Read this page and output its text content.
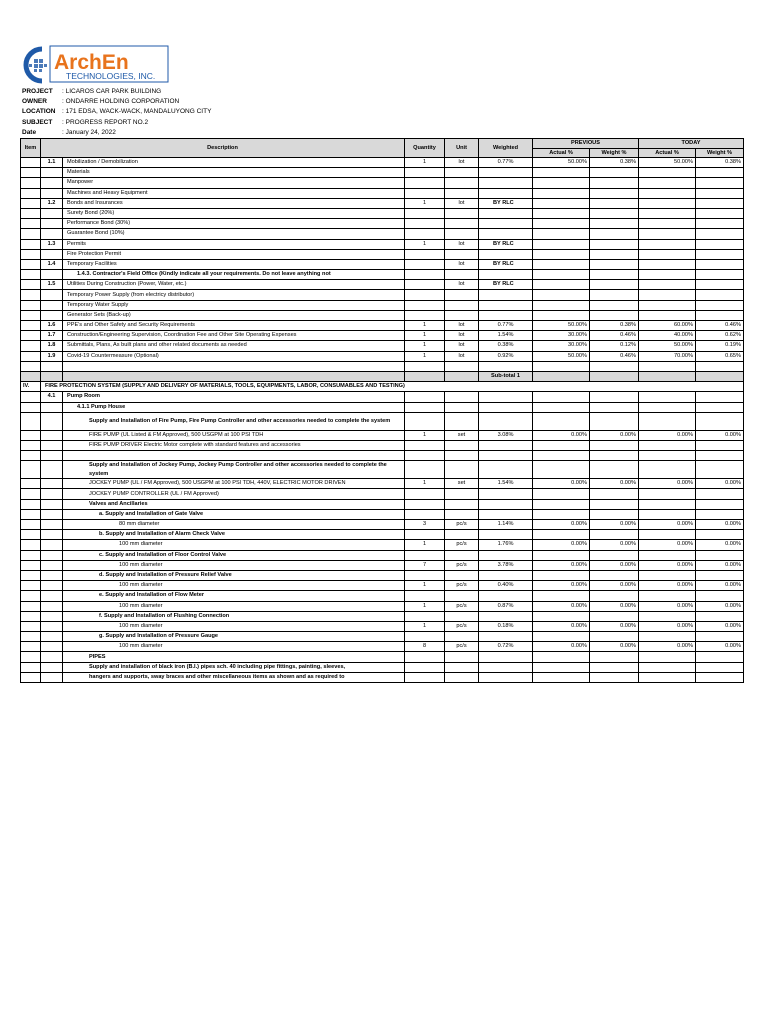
ArchEn
TECHNOLOGIES, INC.
PROJECT	: LICAROS CAR PARK BUILDING
OWNER	: ONDARRE HOLDING CORPORATION
LOCATION	: 171 EDSA, WACK-WACK, MANDALUYONG CITY
SUBJECT	: PROGRESS REPORT NO.2
Date	: January 24, 2022
Item	Description		Quantity	Unit	Weighted	PREVIOUS		TODAY	
						Actual %	Weight %	Actual %	Weight %
	1.1	Mobilization / Demobilization	1	lot	0.77%	50.00%	0.38%	50.00%	0.38%
		Materials							
		Manpower							
		Machines and Heavy Equipment							
	1.2	Bonds and Insurances	1	lot	BY RLC				
		Surety Bond (20%)							
		Performance Bond (30%)							
		Guarantee Bond (10%)							
	1.3	Permits	1	lot	BY RLC				
		Fire Protection Permit							
	1.4	Temporary Facilities		lot	BY RLC				
		1.4.3. Contractor's Field Office (Kindly indicate all your requirements. Do not leave anything not							
	1.5	Utilities During Construction (Power, Water, etc.)		lot	BY RLC				
		Temporary Power Supply (from electricy distributor)							
		Temporary Water Supply							
		Generator Sets (Back-up)							
	1.6	PPE's and Other Safety and Security Requirements	1	lot	0.77%	50.00%	0.38%	60.00%	0.46%
	1.7	Construction/Engineering Supervision, Coordination Fee and Other Site Operating Expenses	1	lot	1.54%	30.00%	0.46%	40.00%	0.62%
	1.8	Submittals, Plans, As built plans and other related documents as needed	1	lot	0.38%	30.00%	0.12%	50.00%	0.19%
	1.9	Covid-19 Countermeasure (Optional)	1	lot	0.92%	50.00%	0.46%	70.00%	0.65%

					Sub-total 1				
IV.	FIRE PROTECTION SYSTEM (SUPPLY AND DELIVERY OF MATERIALS, TOOLS, EQUIPMENTS, LABOR, CONSUMABLES AND TESTING)								
	4.1	Pump Room							
		4.1.1 Pump House							
		Supply and Installation of Fire Pump, Fire Pump Controller and other accessories needed to complete the system							
		FIRE PUMP (UL Listed & FM Approved), 500 USGPM at 100 PSI TDH	1	set	3.08%	0.00%	0.00%	0.00%	0.00%
		FIRE PUMP DRIVER Electric Motor complete with standard features and accessories							

		Supply and Installation of Jockey Pump, Jockey Pump Controller and other accessories needed to complete the system							
		JOCKEY PUMP (UL / FM Approved), 500 USGPM at 100 PSI TDH, 440V, ELECTRIC MOTOR DRIVEN	1	set	1.54%	0.00%	0.00%	0.00%	0.00%
		JOCKEY PUMP CONTROLLER (UL / FM Approved)							
		Valves and Ancillaries							
		a. Supply and Installation of Gate Valve							
		80 mm diameter	3	pc/s	1.14%	0.00%	0.00%	0.00%	0.00%
		b. Supply and Installation of Alarm Check Valve							
		100 mm diameter	1	pc/s	1.76%	0.00%	0.00%	0.00%	0.00%
		c. Supply and Installation of Floor Control Valve							
		100 mm diameter	7	pc/s	3.78%	0.00%	0.00%	0.00%	0.00%
		d. Supply and Installation of Pressure Relief Valve							
		100 mm diameter	1	pc/s	0.40%	0.00%	0.00%	0.00%	0.00%
		e. Supply and Installation of Flow Meter							
		100 mm diameter	1	pc/s	0.87%	0.00%	0.00%	0.00%	0.00%
		f. Supply and Installation of Flushing Connection							
		100 mm diameter	1	pc/s	0.18%	0.00%	0.00%	0.00%	0.00%
		g. Supply and Installation of Pressure Gauge							
		100 mm diameter	8	pc/s	0.72%	0.00%	0.00%	0.00%	0.00%
		PIPES							
		Supply and installation of black iron (B.I.) pipes sch. 40 including pipe fittings, painting, sleeves,							
		hangers and supports, sway braces and other miscellaneous items as shown and as required to							
